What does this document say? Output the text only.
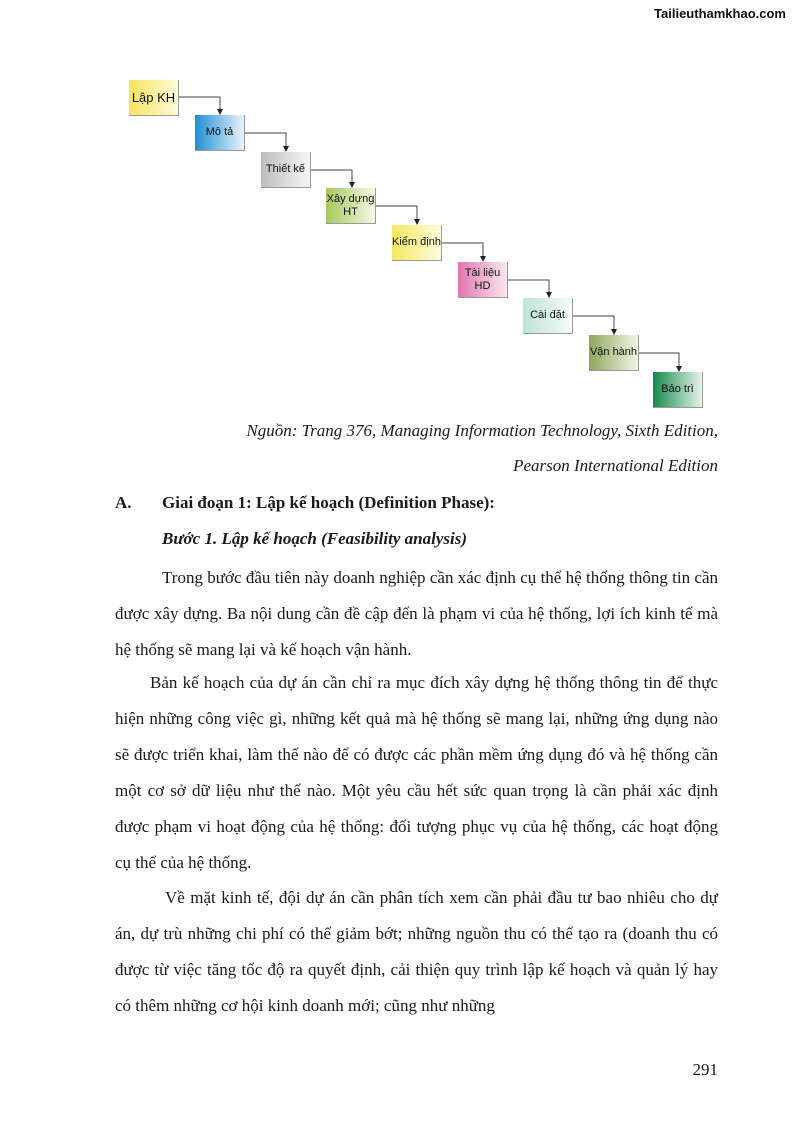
Tailieuthamkhao.com
Lập KH
Mô tả
Thiết kế
Xây dựng
HT
Kiểm định
Tài liệu
HD
Cài đặt
Vận hành
Bảo trì
Nguồn: Trang 376, Managing Information Technology, Sixth Edition,
Pearson International Edition
A. Giai đoạn 1: Lập kế hoạch (Definition Phase):
Bước 1. Lập kế hoạch (Feasibility analysis)

Trong bước đầu tiên này doanh nghiệp cần xác định cụ thể hệ thống thông tin cần được xây dựng. Ba nội dung cần đề cập đến là phạm vi của hệ thống, lợi ích kinh tế mà hệ thống sẽ mang lại và kế hoạch vận hành.

Bản kế hoạch của dự án cần chỉ ra mục đích xây dựng hệ thống thông tin để thực hiện những công việc gì, những kết quả mà hệ thống sẽ mang lại, những ứng dụng nào sẽ được triển khai, làm thế nào để có được các phần mềm ứng dụng đó và hệ thống cần một cơ sở dữ liệu như thế nào. Một yêu cầu hết sức quan trọng là cần phải xác định được phạm vi hoạt động của hệ thống: đối tượng phục vụ của hệ thống, các hoạt động cụ thể của hệ thống.

Về mặt kinh tế, đội dự án cần phân tích xem cần phải đầu tư bao nhiêu cho dự án, dự trù những chi phí có thể giảm bớt; những nguồn thu có thể tạo ra (doanh thu có được từ việc tăng tốc độ ra quyết định, cải thiện quy trình lập kế hoạch và quản lý hay có thêm những cơ hội kinh doanh mới; cũng như những

291
